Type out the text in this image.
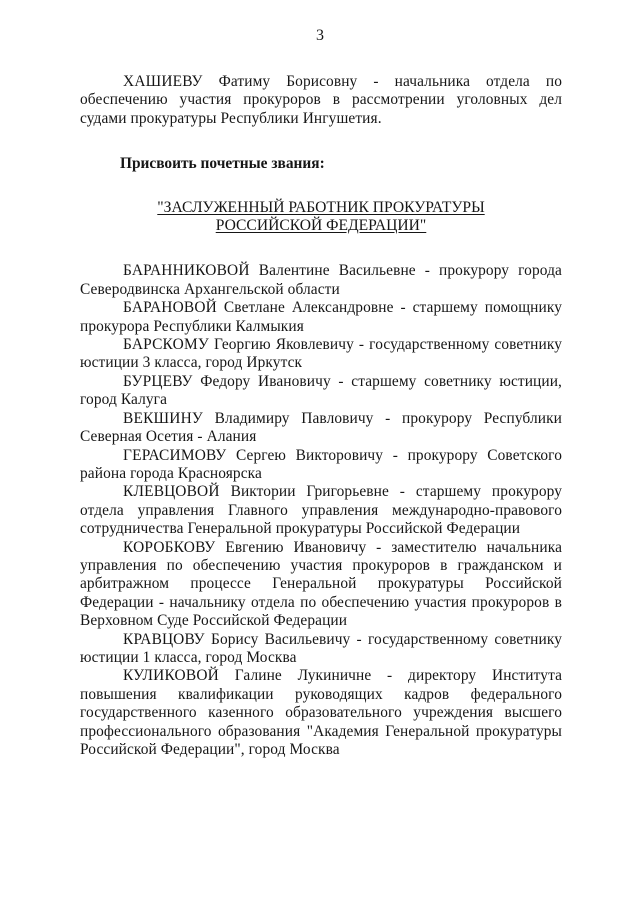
3

ХАШИЕВУ Фатиму Борисовну - начальника отдела по обеспечению участия прокуроров в рассмотрении уголовных дел судами прокуратуры Республики Ингушетия.

Присвоить почетные звания:

"ЗАСЛУЖЕННЫЙ РАБОТНИК ПРОКУРАТУРЫ
РОССИЙСКОЙ ФЕДЕРАЦИИ"

БАРАННИКОВОЙ Валентине Васильевне - прокурору города Северодвинска Архангельской области

БАРАНОВОЙ Светлане Александровне - старшему помощнику прокурора Республики Калмыкия

БАРСКОМУ Георгию Яковлевичу - государственному советнику юстиции 3 класса, город Иркутск

БУРЦЕВУ Федору Ивановичу - старшему советнику юстиции, город Калуга

ВЕКШИНУ Владимиру Павловичу - прокурору Республики Северная Осетия - Алания

ГЕРАСИМОВУ Сергею Викторовичу - прокурору Советского района города Красноярска

КЛЕВЦОВОЙ Виктории Григорьевне - старшему прокурору отдела управления Главного управления международно-правового сотрудничества Генеральной прокуратуры Российской Федерации

КОРОБКОВУ Евгению Ивановичу - заместителю начальника управления по обеспечению участия прокуроров в гражданском и арбитражном процессе Генеральной прокуратуры Российской Федерации - начальнику отдела по обеспечению участия прокуроров в Верховном Суде Российской Федерации

КРАВЦОВУ Борису Васильевичу - государственному советнику юстиции 1 класса, город Москва

КУЛИКОВОЙ Галине Лукиничне - директору Института повышения квалификации руководящих кадров федерального государственного казенного образовательного учреждения высшего профессионального образования "Академия Генеральной прокуратуры Российской Федерации", город Москва
